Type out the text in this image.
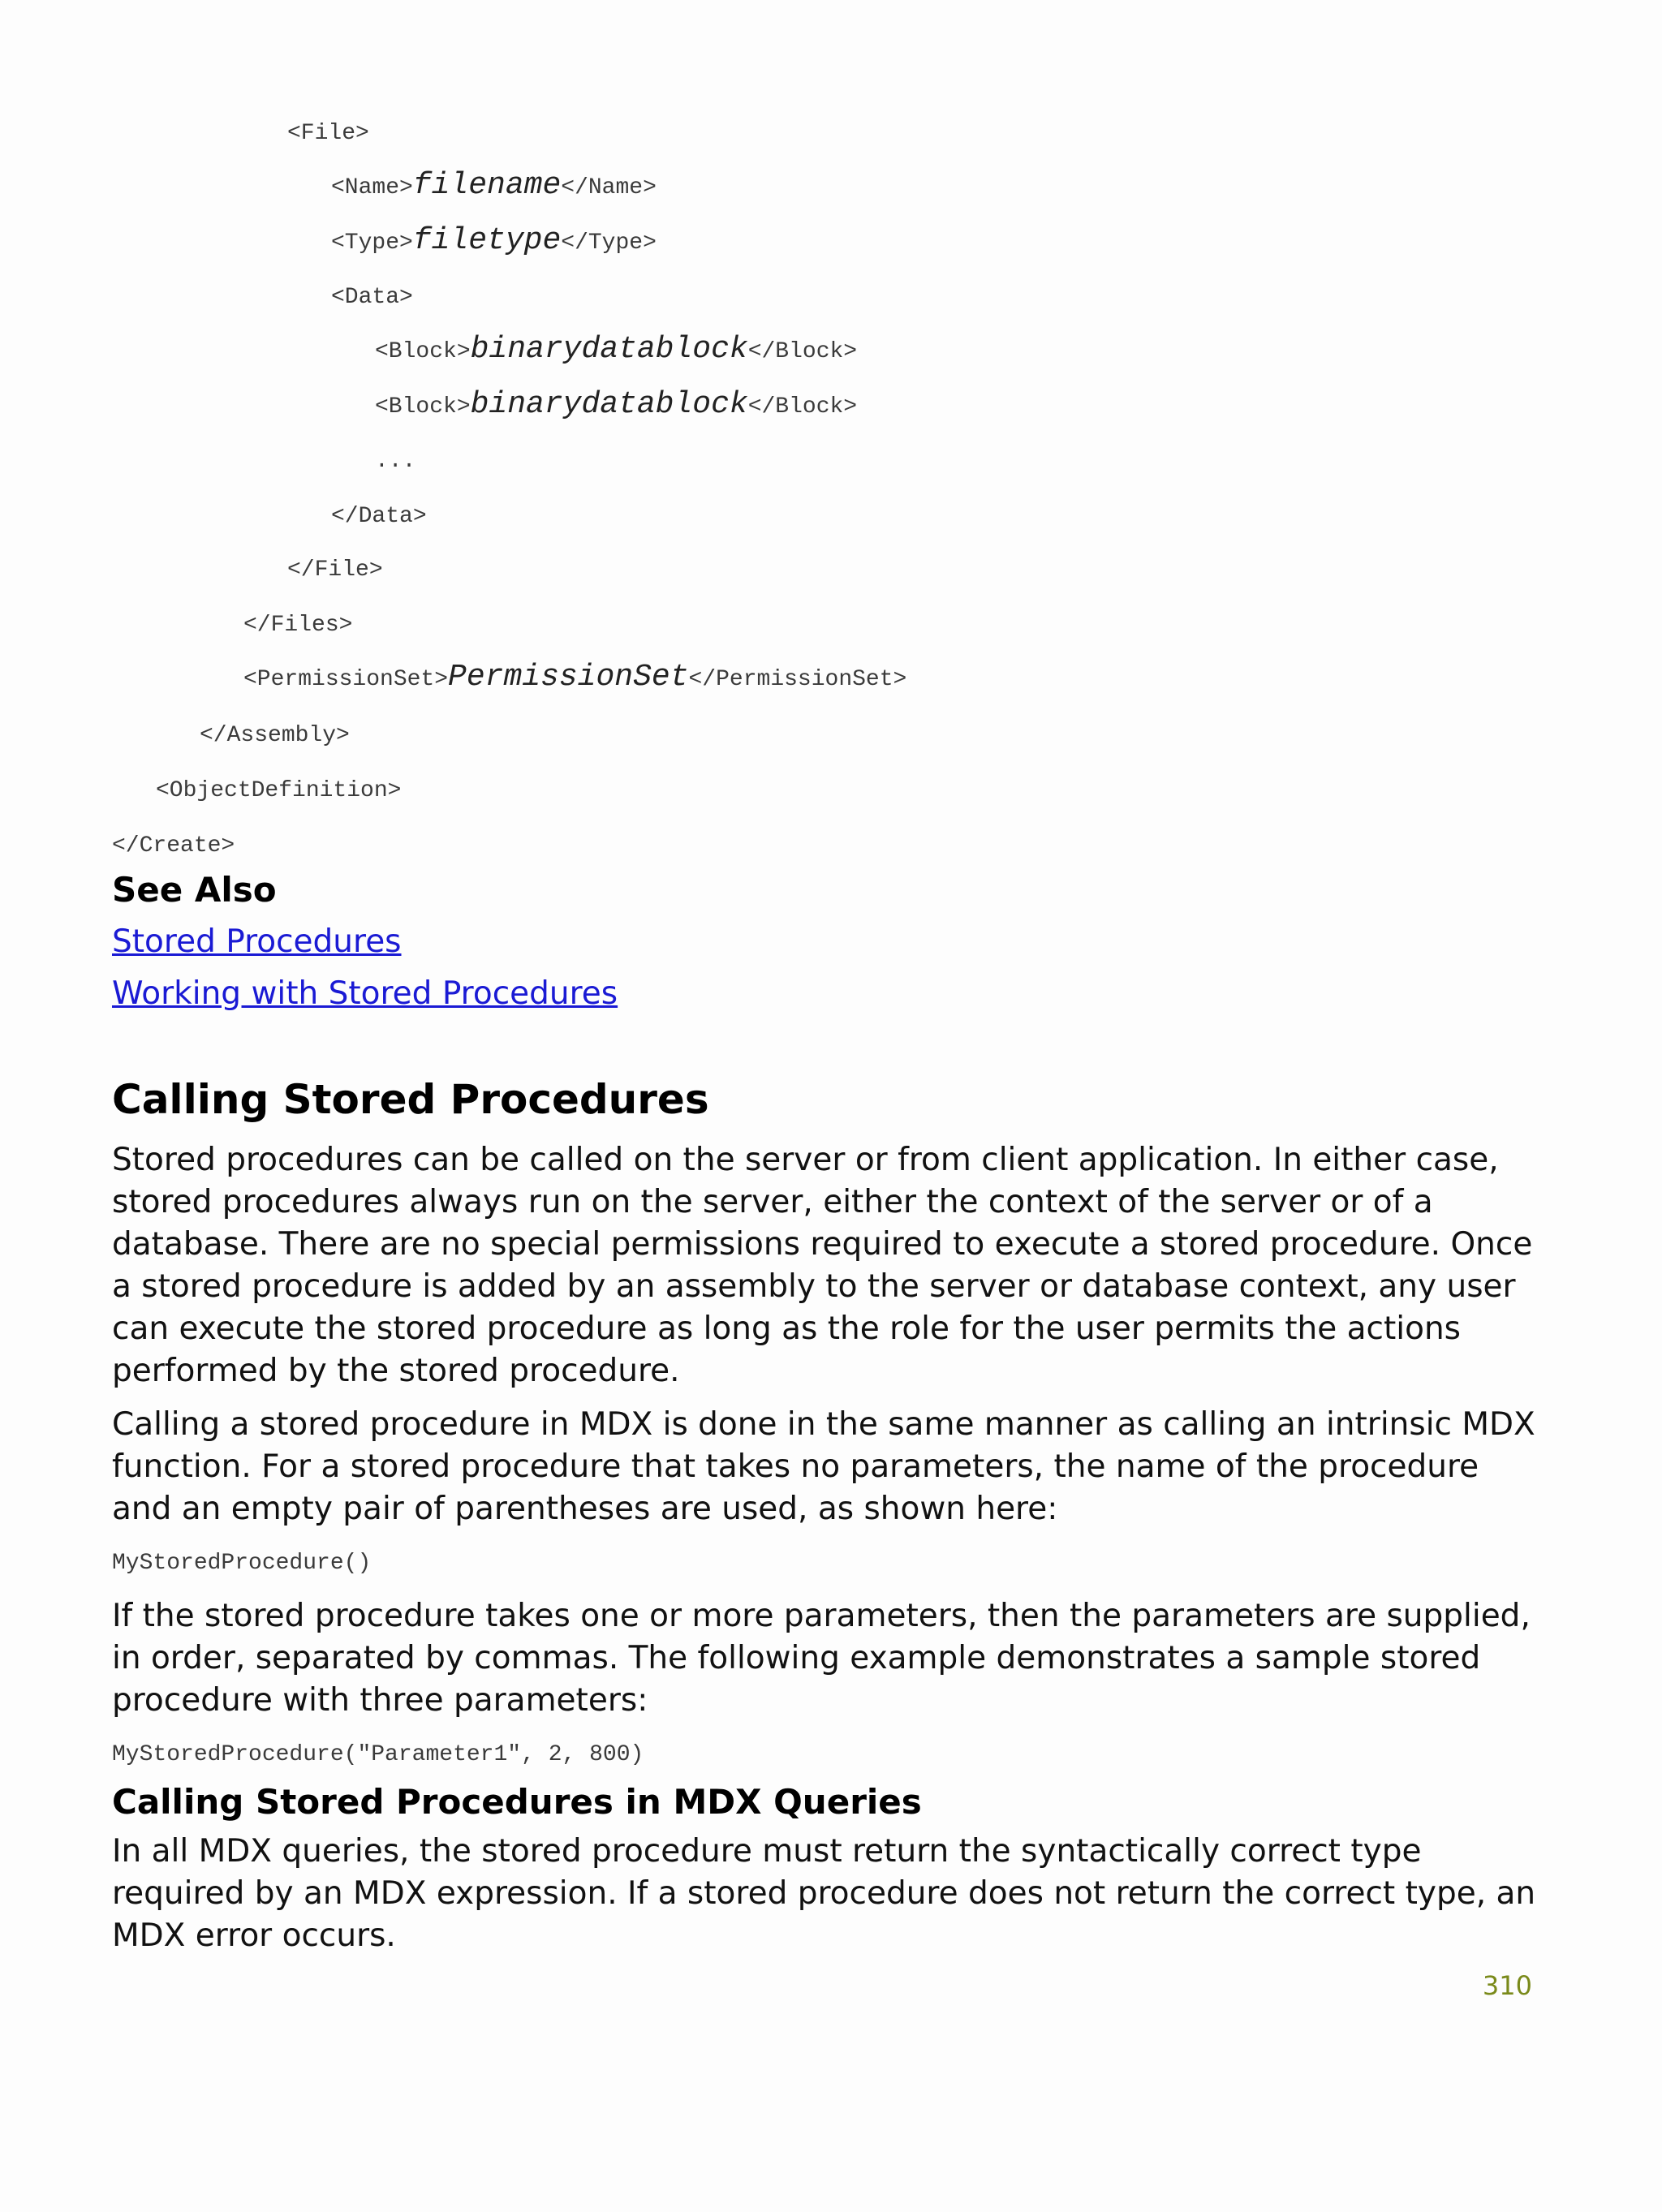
<File>
<Name>filename</Name>
<Type>filetype</Type>
<Data>
<Block>binarydatablock</Block>
<Block>binarydatablock</Block>
...
</Data>
</File>
</Files>
<PermissionSet>PermissionSet</PermissionSet>
</Assembly>
<ObjectDefinition>
</Create>
See Also
Stored Procedures
Working with Stored Procedures
Calling Stored Procedures

Stored procedures can be called on the server or from client application. In either case, stored procedures always run on the server, either the context of the server or of a database. There are no special permissions required to execute a stored procedure. Once a stored procedure is added by an assembly to the server or database context, any user can execute the stored procedure as long as the role for the user permits the actions performed by the stored procedure.

Calling a stored procedure in MDX is done in the same manner as calling an intrinsic MDX function. For a stored procedure that takes no parameters, the name of the procedure and an empty pair of parentheses are used, as shown here:

MyStoredProcedure()

If the stored procedure takes one or more parameters, then the parameters are supplied, in order, separated by commas. The following example demonstrates a sample stored procedure with three parameters:

MyStoredProcedure("Parameter1", 2, 800)
Calling Stored Procedures in MDX Queries

In all MDX queries, the stored procedure must return the syntactically correct type required by an MDX expression. If a stored procedure does not return the correct type, an MDX error occurs.

310
